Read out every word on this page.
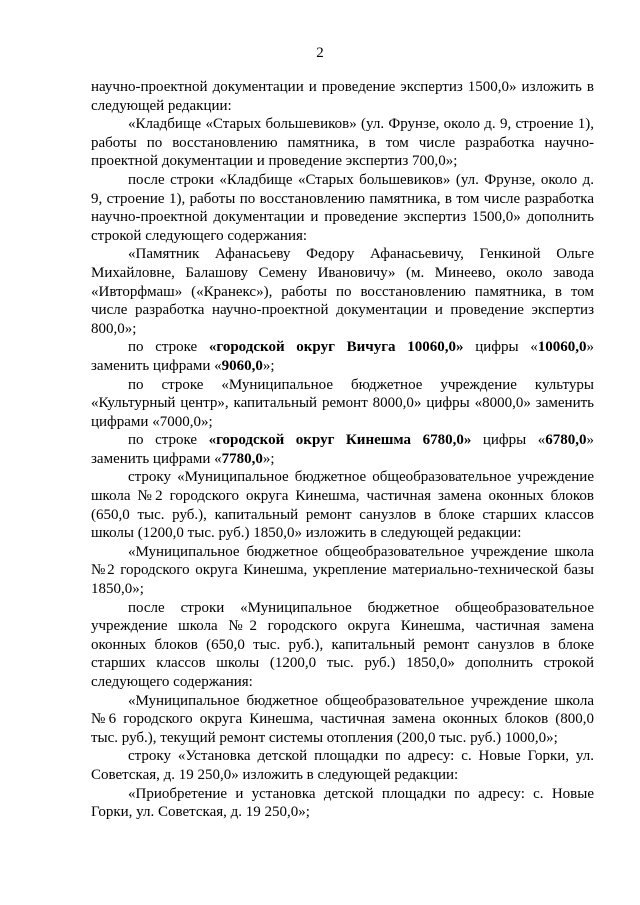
2

научно-проектной документации и проведение экспертиз 1500,0» изложить в следующей редакции:

«Кладбище «Старых большевиков» (ул. Фрунзе, около д. 9, строение 1), работы по восстановлению памятника, в том числе разработка научно-проектной документации и проведение экспертиз 700,0»;

после строки «Кладбище «Старых большевиков» (ул. Фрунзе, около д. 9, строение 1), работы по восстановлению памятника, в том числе разработка научно-проектной документации и проведение экспертиз 1500,0» дополнить строкой следующего содержания:

«Памятник Афанасьеву Федору Афанасьевичу, Генкиной Ольге Михайловне, Балашову Семену Ивановичу» (м. Минеево, около завода «Ивторфмаш» («Кранекс»), работы по восстановлению памятника, в том числе разработка научно-проектной документации и проведение экспертиз 800,0»;

по строке «городской округ Вичуга 10060,0» цифры «10060,0» заменить цифрами «9060,0»;

по строке «Муниципальное бюджетное учреждение культуры «Культурный центр», капитальный ремонт 8000,0» цифры «8000,0» заменить цифрами «7000,0»;

по строке «городской округ Кинешма 6780,0» цифры «6780,0» заменить цифрами «7780,0»;

строку «Муниципальное бюджетное общеобразовательное учреждение школа №2 городского округа Кинешма, частичная замена оконных блоков (650,0 тыс. руб.), капитальный ремонт санузлов в блоке старших классов школы (1200,0 тыс. руб.) 1850,0» изложить в следующей редакции:

«Муниципальное бюджетное общеобразовательное учреждение школа №2 городского округа Кинешма, укрепление материально-технической базы 1850,0»;

после строки «Муниципальное бюджетное общеобразовательное учреждение школа №2 городского округа Кинешма, частичная замена оконных блоков (650,0 тыс. руб.), капитальный ремонт санузлов в блоке старших классов школы (1200,0 тыс. руб.) 1850,0» дополнить строкой следующего содержания:

«Муниципальное бюджетное общеобразовательное учреждение школа №6 городского округа Кинешма, частичная замена оконных блоков (800,0 тыс. руб.), текущий ремонт системы отопления (200,0 тыс. руб.) 1000,0»;

строку «Установка детской площадки по адресу: с. Новые Горки, ул. Советская, д. 19 250,0» изложить в следующей редакции:

«Приобретение и установка детской площадки по адресу: с. Новые Горки, ул. Советская, д. 19 250,0»;
